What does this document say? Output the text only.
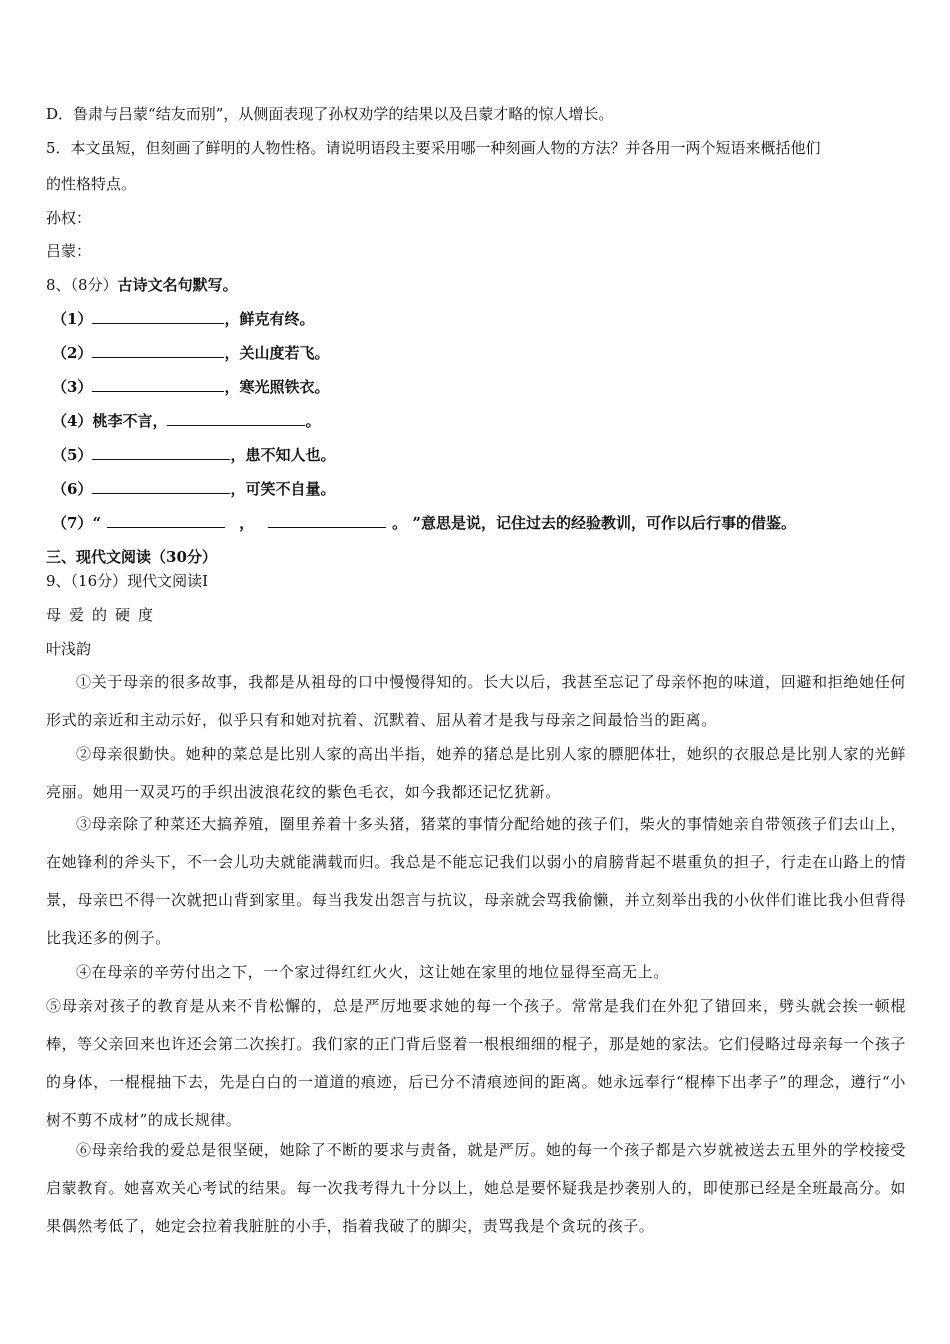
D．鲁肃与吕蒙“结友而别”，从侧面表现了孙权劝学的结果以及吕蒙才略的惊人增长。
5．本文虽短，但刻画了鲜明的人物性格。请说明语段主要采用哪一种刻画人物的方法？并各用一两个短语来概括他们
的性格特点。
孙权：
吕蒙：
8、（8分）古诗文名句默写。
（1）	，鲜克有终。
（2）	，关山度若飞。
（3）	，寒光照铁衣。
（4）桃李不言，	。
（5）	，患不知人也。
（6）	，可笑不自量。
（7）“	，	。 ”意思是说，记住过去的经验教训，可作以后行事的借鉴。
三、现代文阅读（30分）
9、（16分）现代文阅读Ⅰ
母爱的硬度
叶浅韵
①关于母亲的很多故事，我都是从祖母的口中慢慢得知的。长大以后，我甚至忘记了母亲怀抱的味道，回避和拒绝她任何形式的亲近和主动示好，似乎只有和她对抗着、沉默着、屈从着才是我与母亲之间最恰当的距离。
②母亲很勤快。她种的菜总是比别人家的高出半指，她养的猪总是比别人家的膘肥体壮，她织的衣服总是比别人家的光鲜亮丽。她用一双灵巧的手织出波浪花纹的紫色毛衣，如今我都还记忆犹新。
③母亲除了种菜还大搞养殖，圈里养着十多头猪，猪菜的事情分配给她的孩子们，柴火的事情她亲自带领孩子们去山上，在她锋利的斧头下，不一会儿功夫就能满载而归。我总是不能忘记我们以弱小的肩膀背起不堪重负的担子，行走在山路上的情景，母亲巴不得一次就把山背到家里。每当我发出怨言与抗议，母亲就会骂我偷懒，并立刻举出我的小伙伴们谁比我小但背得比我还多的例子。
④在母亲的辛劳付出之下，一个家过得红红火火，这让她在家里的地位显得至高无上。
⑤母亲对孩子的教育是从来不肯松懈的，总是严厉地要求她的每一个孩子。常常是我们在外犯了错回来，劈头就会挨一顿棍棒，等父亲回来也许还会第二次挨打。我们家的正门背后竖着一根根细细的棍子，那是她的家法。它们侵略过母亲每一个孩子的身体，一棍棍抽下去，先是白白的一道道的痕迹，后已分不清痕迹间的距离。她永远奉行“棍棒下出孝子”的理念，遵行“小树不剪不成材”的成长规律。
⑥母亲给我的爱总是很坚硬，她除了不断的要求与责备，就是严厉。她的每一个孩子都是六岁就被送去五里外的学校接受启蒙教育。她喜欢关心考试的结果。每一次我考得九十分以上，她总是要怀疑我是抄袭别人的，即使那已经是全班最高分。如果偶然考低了，她定会拉着我脏脏的小手，指着我破了的脚尖，责骂我是个贪玩的孩子。
